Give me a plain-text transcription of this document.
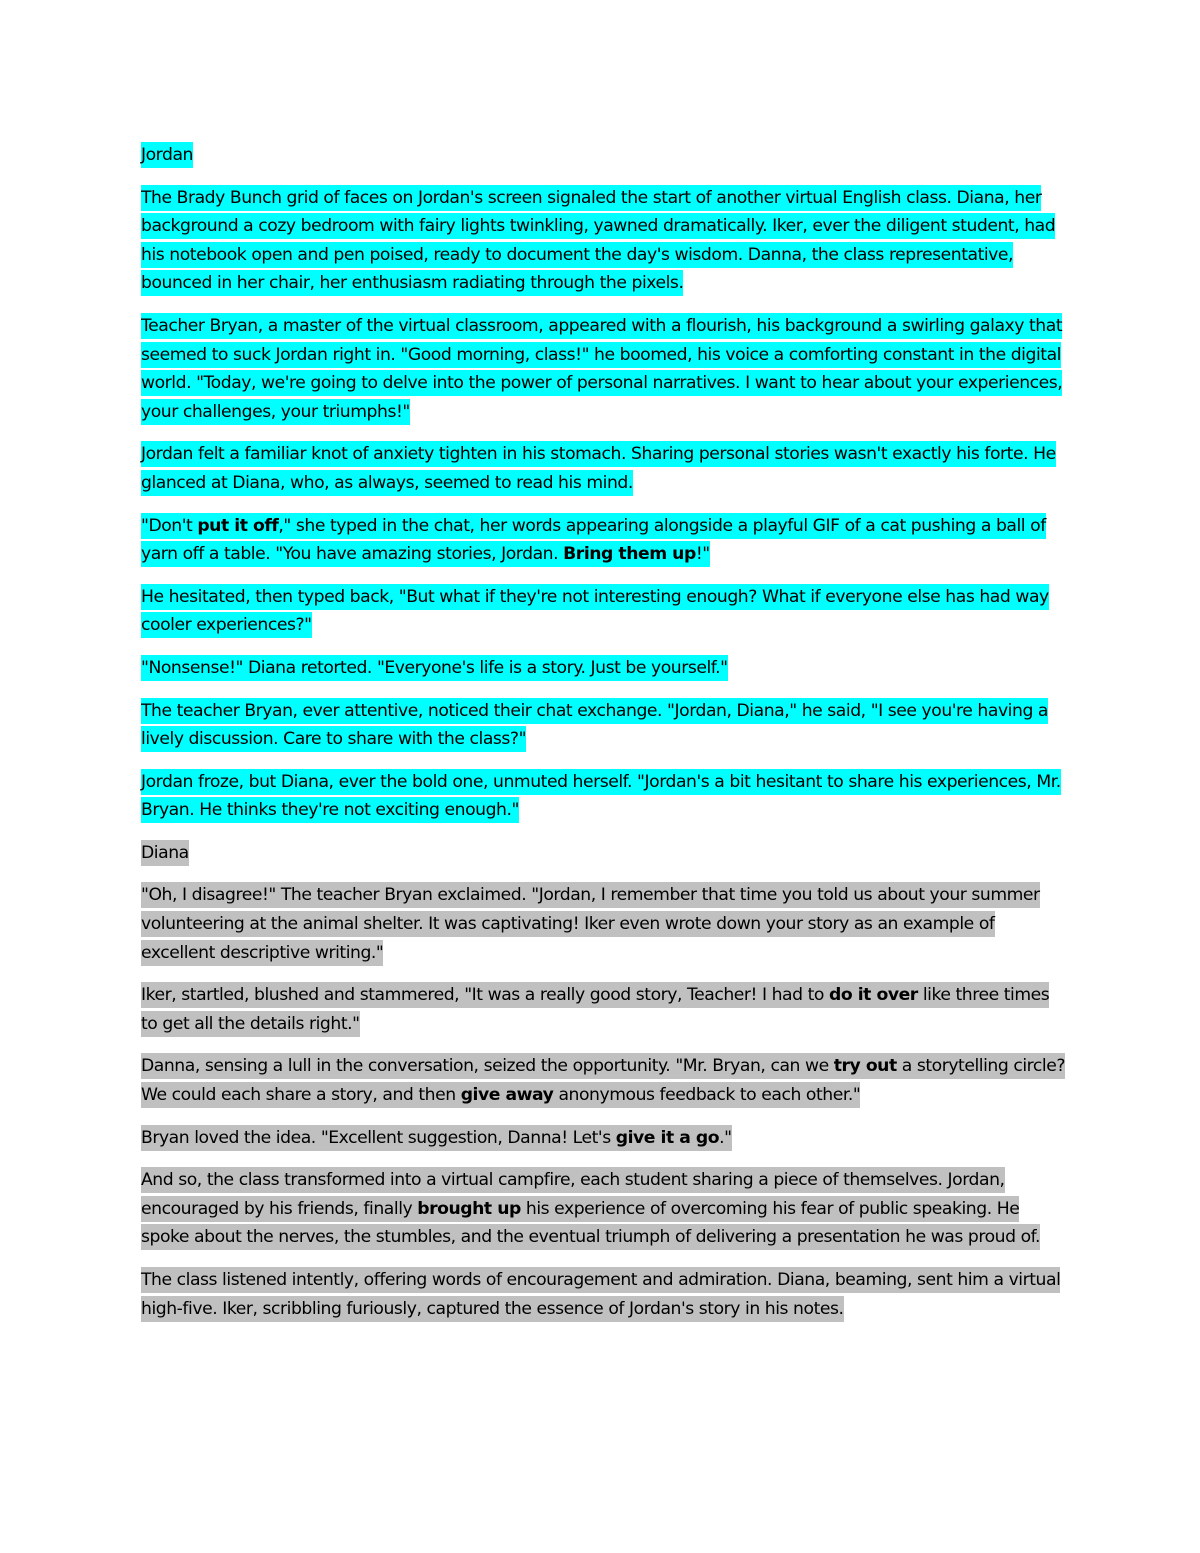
Jordan

The Brady Bunch grid of faces on Jordan's screen signaled the start of another virtual English class. Diana, her background a cozy bedroom with fairy lights twinkling, yawned dramatically. Iker, ever the diligent student, had his notebook open and pen poised, ready to document the day's wisdom. Danna, the class representative, bounced in her chair, her enthusiasm radiating through the pixels.

Teacher Bryan, a master of the virtual classroom, appeared with a flourish, his background a swirling galaxy that seemed to suck Jordan right in. "Good morning, class!" he boomed, his voice a comforting constant in the digital world. "Today, we're going to delve into the power of personal narratives. I want to hear about your experiences, your challenges, your triumphs!"

Jordan felt a familiar knot of anxiety tighten in his stomach. Sharing personal stories wasn't exactly his forte. He glanced at Diana, who, as always, seemed to read his mind.

"Don't put it off," she typed in the chat, her words appearing alongside a playful GIF of a cat pushing a ball of yarn off a table. "You have amazing stories, Jordan. Bring them up!"

He hesitated, then typed back, "But what if they're not interesting enough? What if everyone else has had way cooler experiences?"

"Nonsense!" Diana retorted. "Everyone's life is a story. Just be yourself."

The teacher Bryan, ever attentive, noticed their chat exchange. "Jordan, Diana," he said, "I see you're having a lively discussion. Care to share with the class?"

Jordan froze, but Diana, ever the bold one, unmuted herself. "Jordan's a bit hesitant to share his experiences, Mr. Bryan. He thinks they're not exciting enough."

Diana

"Oh, I disagree!" The teacher Bryan exclaimed. "Jordan, I remember that time you told us about your summer volunteering at the animal shelter. It was captivating! Iker even wrote down your story as an example of excellent descriptive writing."

Iker, startled, blushed and stammered, "It was a really good story, Teacher! I had to do it over like three times to get all the details right."

Danna, sensing a lull in the conversation, seized the opportunity. "Mr. Bryan, can we try out a storytelling circle? We could each share a story, and then give away anonymous feedback to each other."

Bryan loved the idea. "Excellent suggestion, Danna! Let's give it a go."

And so, the class transformed into a virtual campfire, each student sharing a piece of themselves. Jordan, encouraged by his friends, finally brought up his experience of overcoming his fear of public speaking. He spoke about the nerves, the stumbles, and the eventual triumph of delivering a presentation he was proud of.

The class listened intently, offering words of encouragement and admiration. Diana, beaming, sent him a virtual high-five. Iker, scribbling furiously, captured the essence of Jordan's story in his notes.
